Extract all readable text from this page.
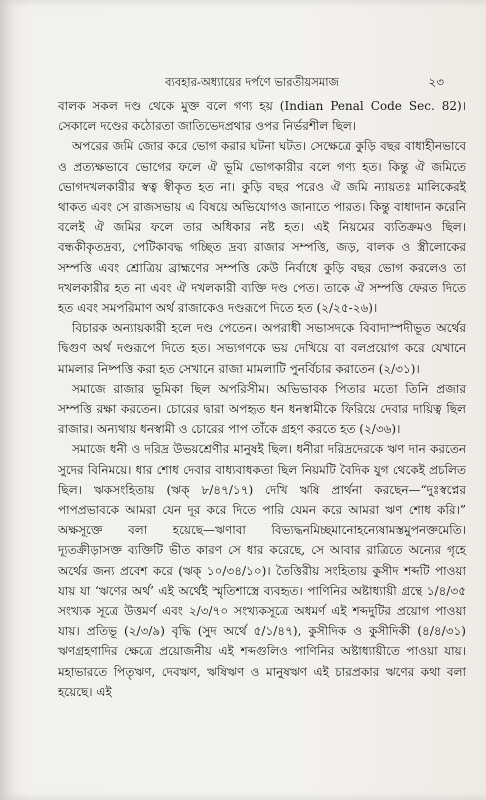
ব্যবহার-অধ্যায়ের দর্পণে ভারতীয়সমাজ	২৩

বালক সকল দণ্ড থেকে মুক্ত বলে গণ্য হয় (Indian Penal Code Sec. 82)। সেকালে দণ্ডের কঠোরতা জাতিভেদপ্রথার ওপর নির্ভরশীল ছিল।

অপরের জমি জোর করে ভোগ করার ঘটনা ঘটত। সেক্ষেত্রে কুড়ি বছর বাধাহীনভাবে ও প্রত্যক্ষভাবে ভোগের ফলে ঐ ভূমি ভোগকারীর বলে গণ্য হত। কিন্তু ঐ জমিতে ভোগদখলকারীর স্বত্ব স্বীকৃত হত না। কুড়ি বছর পরেও ঐ জমি ন্যায়তঃ মালিকেরই থাকত এবং সে রাজসভায় এ বিষয়ে অভিযোগও জানাতে পারত। কিন্তু বাধাদান করেনি বলেই ঐ জমির ফলে তার অধিকার নষ্ট হত। এই নিয়মের ব্যতিক্রমও ছিল। বন্ধকীকৃতদ্রব্য, পেটিকাবদ্ধ গচ্ছিত দ্রব্য রাজার সম্পত্তি, জড়, বালক ও স্ত্রীলোকের সম্পত্তি এবং শ্রোত্রিয় ব্রাহ্মণের সম্পত্তি কেউ নির্বাধে কুড়ি বছর ভোগ করলেও তা দখলকারীর হত না এবং ঐ দখলকারী ব্যক্তি দণ্ড পেত। তাকে ঐ সম্পত্তি ফেরত দিতে হত এবং সমপরিমাণ অর্থ রাজাকেও দণ্ডরূপে দিতে হত (২/২৫-২৬)।

বিচারক অন্যায়কারী হলে দণ্ড পেতেন। অপরাধী সভাসদকে বিবাদাস্পদীভূত অর্থের দ্বিগুণ অর্থ দণ্ডরূপে দিতে হত। সভ্যগণকে ভয় দেখিয়ে বা বলপ্রয়োগ করে যেখানে মামলার নিষ্পত্তি করা হত সেখানে রাজা মামলাটি পুনর্বিচার করাতেন (২/৩১)।

সমাজে রাজার ভূমিকা ছিল অপরিসীম। অভিভাবক পিতার মতো তিনি প্রজার সম্পত্তি রক্ষা করতেন। চোরের দ্বারা অপহৃত ধন ধনস্বামীকে ফিরিয়ে দেবার দায়িত্ব ছিল রাজার। অন্যথায় ধনস্বামী ও চোরের পাপ তাঁকে গ্রহণ করতে হত (২/৩৬)।

সমাজে ধনী ও দরিদ্র উভয়শ্রেণীর মানুষই ছিল। ধনীরা দরিদ্রদেরকে ঋণ দান করতেন সুদের বিনিময়ে। ধার শোধ দেবার বাধ্যবাধকতা ছিল নিয়মটি বৈদিক যুগ থেকেই প্রচলিত ছিল। ঋকসংহিতায় (ঋক্ ৮/৪৭/১৭) দেখি ঋষি প্রার্থনা করছেন—“দুঃস্বপ্নের পাপপ্রভাবকে আমরা যেন দূর করে দিতে পারি যেমন করে আমরা ঋণ শোধ করি।” অক্ষসূক্তে বলা হয়েছে—ঋণাবা বিভ্যদ্ধনমিচ্ছমানোহন্যেষামস্তমুপনক্তমেতি। দ্যূতক্রীড়াসক্ত ব্যক্তিটি ভীত কারণ সে ধার করেছে, সে আবার রাত্রিতে অন্যের গৃহে অর্থের জন্য প্রবেশ করে (ঋক্ ১০/৩৪/১০)। তৈত্তিরীয় সংহিতায় কুসীদ শব্দটি পাওয়া যায় যা ‘ঋণের অর্থ’ এই অর্থেই স্মৃতিশাস্ত্রে ব্যবহৃত। পাণিনির অষ্টাধ্যায়ী গ্রন্থে ১/৪/৩৫ সংখ্যক সূত্রে উত্তমর্ণ এবং ২/৩/৭০ সংখ্যকসূত্রে অধমর্ণ এই শব্দদুটির প্রয়োগ পাওয়া যায়। প্রতিভূ (২/৩/৯) বৃদ্ধি (সুদ অর্থে ৫/১/৪৭), কুসীদিক ও কুসীদিকী (৪/৪/৩১) ঋণগ্রহণাদির ক্ষেত্রে প্রয়োজনীয় এই শব্দগুলিও পাণিনির অষ্টাধ্যায়ীতে পাওয়া যায়। মহাভারতে পিতৃঋণ, দেবঋণ, ঋষিঋণ ও মানুষঋণ এই চারপ্রকার ঋণের কথা বলা হয়েছে। এই
